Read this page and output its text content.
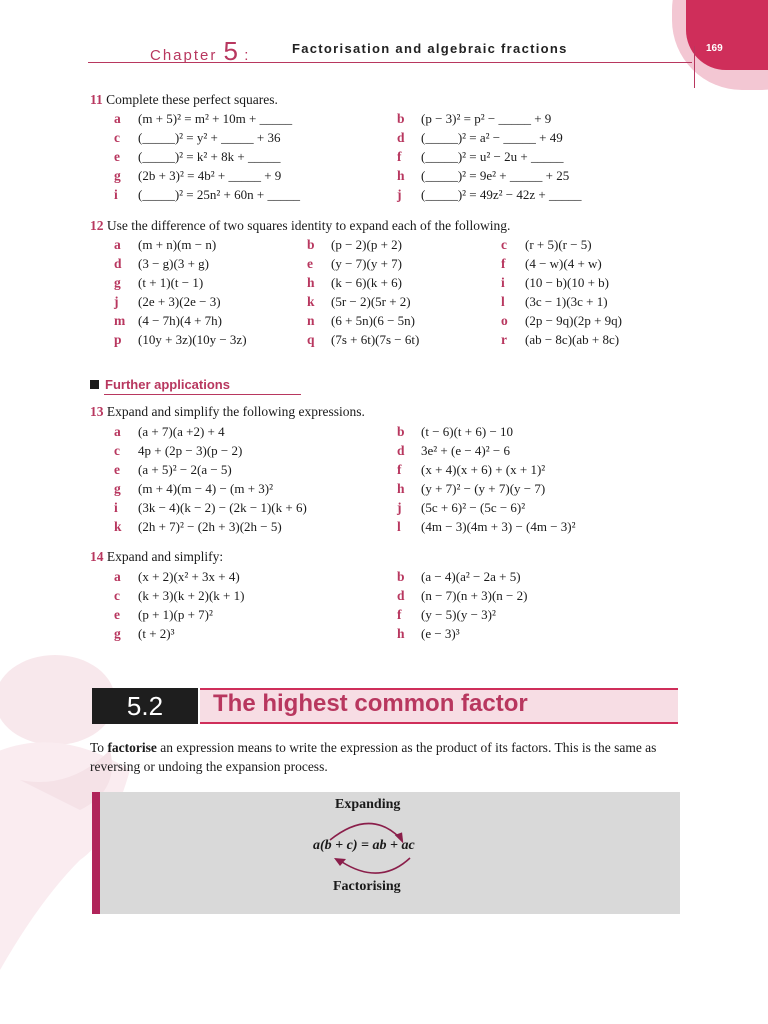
Chapter 5 :	Factorisation and algebraic fractions	169
11 Complete these perfect squares.
a (m + 5)² = m² + 10m + _____	b (p − 3)² = p² − _____ + 9
c (_____)² = y² + _____ + 36	d (_____)² = a² − _____ + 49
e (_____)² = k² + 8k + _____	f (_____)² = u² − 2u + _____
g (2b + 3)² = 4b² + _____ + 9	h (_____)² = 9e² + _____ + 25
i (_____)² = 25n² + 60n + _____	j (_____)² = 49z² − 42z + _____
12 Use the difference of two squares identity to expand each of the following.
a (m + n)(m − n)	b (p − 2)(p + 2)	c (r + 5)(r − 5)
d (3 − g)(3 + g)	e (y − 7)(y + 7)	f (4 − w)(4 + w)
g (t + 1)(t − 1)	h (k − 6)(k + 6)	i (10 − b)(10 + b)
j (2e + 3)(2e − 3)	k (5r − 2)(5r + 2)	l (3c − 1)(3c + 1)
m (4 − 7h)(4 + 7h)	n (6 + 5n)(6 − 5n)	o (2p − 9q)(2p + 9q)
p (10y + 3z)(10y − 3z)	q (7s + 6t)(7s − 6t)	r (ab − 8c)(ab + 8c)
Further applications
13 Expand and simplify the following expressions.
a (a + 7)(a +2) + 4	b (t − 6)(t + 6) − 10
c 4p + (2p − 3)(p − 2)	d 3e² + (e − 4)² − 6
e (a + 5)² − 2(a − 5)	f (x + 4)(x + 6) + (x + 1)²
g (m + 4)(m − 4) − (m + 3)²	h (y + 7)² − (y + 7)(y − 7)
i (3k − 4)(k − 2) − (2k − 1)(k + 6)	j (5c + 6)² − (5c − 6)²
k (2h + 7)² − (2h + 3)(2h − 5)	l (4m − 3)(4m + 3) − (4m − 3)²
14 Expand and simplify:
a (x + 2)(x² + 3x + 4)	b (a − 4)(a² − 2a + 5)
c (k + 3)(k + 2)(k + 1)	d (n − 7)(n + 3)(n − 2)
e (p + 1)(p + 7)²	f (y − 5)(y − 3)²
g (t + 2)³	h (e − 3)³
5.2	The highest common factor
To factorise an expression means to write the expression as the product of its factors. This is the same as reversing or undoing the expansion process.
Expanding
a(b + c) = ab + ac
Factorising
